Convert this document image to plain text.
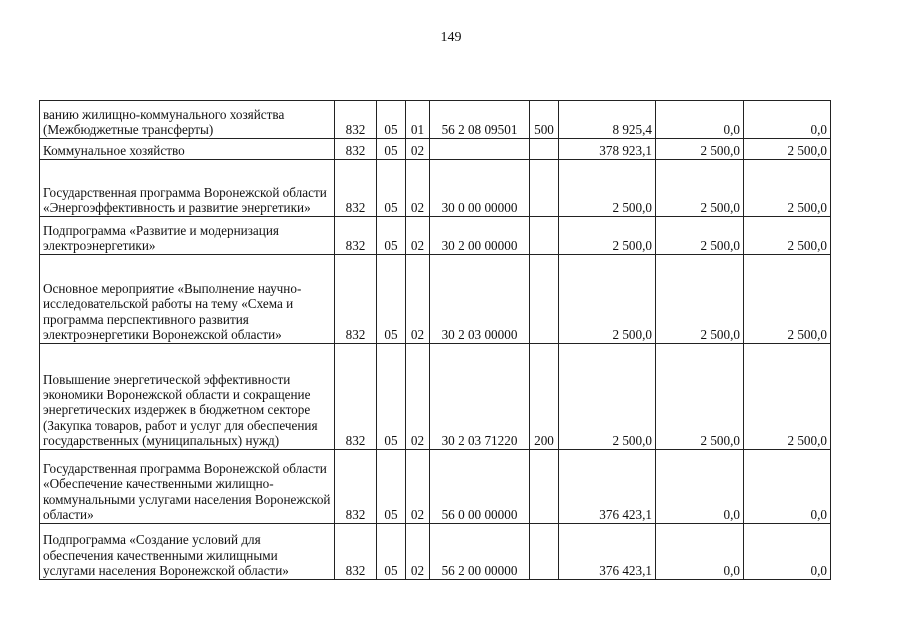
149
ванию жилищно-коммунального хозяйства (Межбюджетные трансферты)	832	05	01	56 2 08 09501	500	8 925,4	0,0	0,0
Коммунальное хозяйство	832	05	02			378 923,1	2 500,0	2 500,0
Государственная программа Воронежской области «Энергоэффективность и развитие энергетики»	832	05	02	30 0 00 00000		2 500,0	2 500,0	2 500,0
Подпрограмма «Развитие и модернизация электроэнергетики»	832	05	02	30 2 00 00000		2 500,0	2 500,0	2 500,0
Основное мероприятие «Выполнение научно-исследовательской работы на тему «Схема и программа перспективного развития электроэнергетики Воронежской области»	832	05	02	30 2 03 00000		2 500,0	2 500,0	2 500,0
Повышение энергетической эффективности экономики Воронежской области и сокращение энергетических издержек в бюджетном секторе (Закупка товаров, работ и услуг для обеспечения государственных (муниципальных) нужд)	832	05	02	30 2 03 71220	200	2 500,0	2 500,0	2 500,0
Государственная программа Воронежской области «Обеспечение качественными жилищно-коммунальными услугами населения Воронежской области»	832	05	02	56 0 00 00000		376 423,1	0,0	0,0
Подпрограмма «Создание условий для обеспечения качественными жилищными услугами населения Воронежской области»	832	05	02	56 2 00 00000		376 423,1	0,0	0,0
